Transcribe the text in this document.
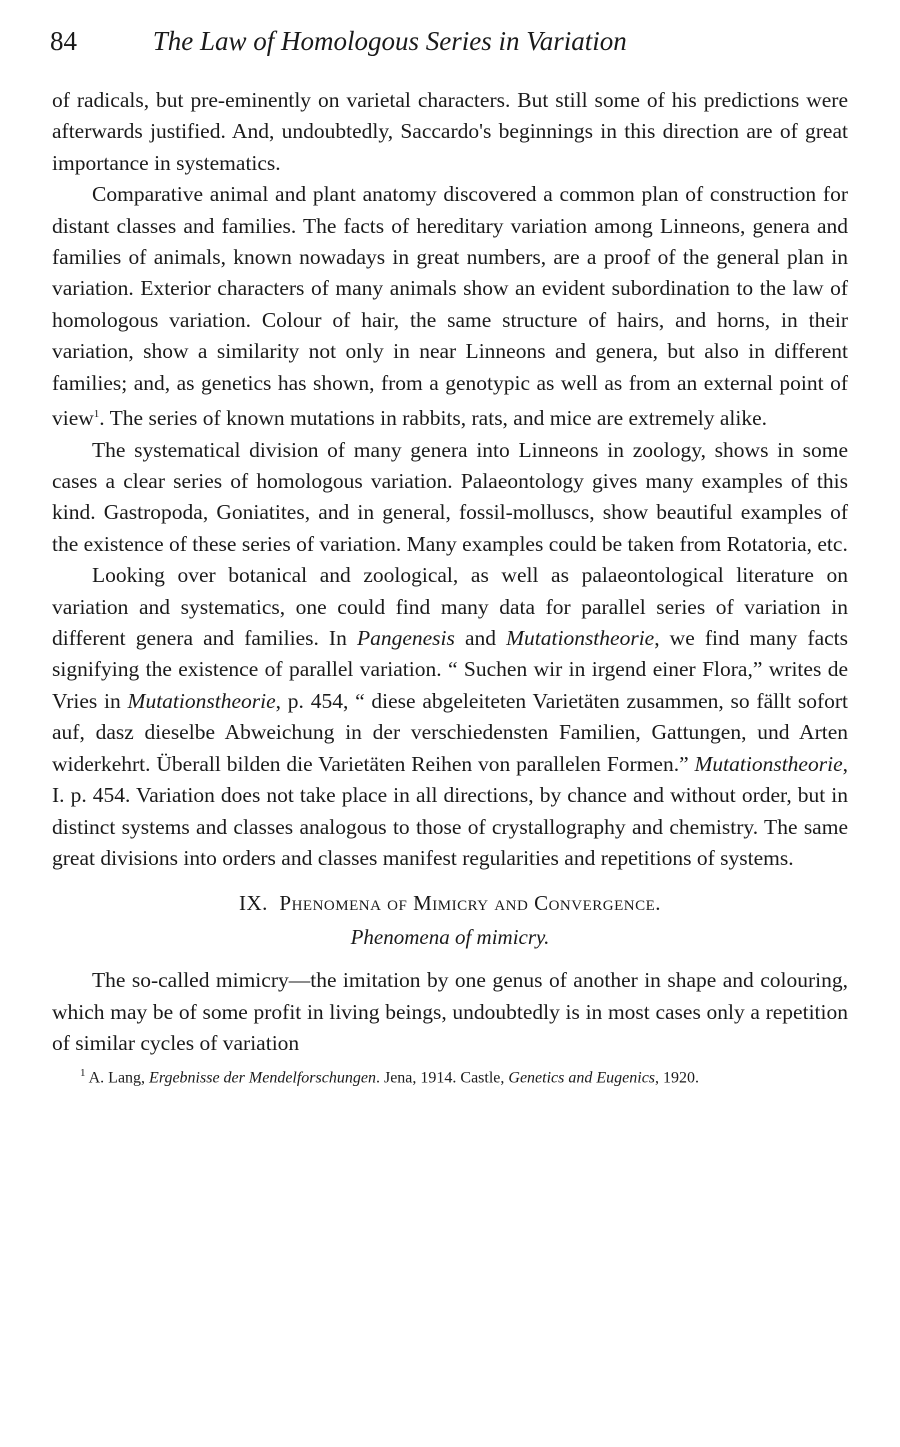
84	The Law of Homologous Series in Variation

of radicals, but pre-eminently on varietal characters. But still some of his predictions were afterwards justified. And, undoubtedly, Saccardo's beginnings in this direction are of great importance in systematics.

Comparative animal and plant anatomy discovered a common plan of construction for distant classes and families. The facts of hereditary variation among Linneons, genera and families of animals, known nowadays in great numbers, are a proof of the general plan in variation. Exterior characters of many animals show an evident subordination to the law of homologous variation. Colour of hair, the same structure of hairs, and horns, in their variation, show a similarity not only in near Linneons and genera, but also in different families; and, as genetics has shown, from a genotypic as well as from an external point of view$^1$. The series of known mutations in rabbits, rats, and mice are extremely alike.

The systematical division of many genera into Linneons in zoology, shows in some cases a clear series of homologous variation. Palaeontology gives many examples of this kind. Gastropoda, Goniatites, and in general, fossil-molluscs, show beautiful examples of the existence of these series of variation. Many examples could be taken from Rotatoria, etc.

Looking over botanical and zoological, as well as palaeontological literature on variation and systematics, one could find many data for parallel series of variation in different genera and families. In Pangenesis and Mutationstheorie, we find many facts signifying the existence of parallel variation. “ Suchen wir in irgend einer Flora,” writes de Vries in Mutationstheorie, p. 454, “ diese abgeleiteten Varietäten zusammen, so fällt sofort auf, dasz dieselbe Abweichung in der verschiedensten Familien, Gattungen, und Arten widerkehrt. Überall bilden die Varietäten Reihen von parallelen Formen.” Mutationstheorie, I. p. 454. Variation does not take place in all directions, by chance and without order, but in distinct systems and classes analogous to those of crystallography and chemistry. The same great divisions into orders and classes manifest regularities and repetitions of systems.

IX. Phenomena of Mimicry and Convergence.
Phenomena of mimicry.

The so-called mimicry—the imitation by one genus of another in shape and colouring, which may be of some profit in living beings, undoubtedly is in most cases only a repetition of similar cycles of variation

$^1$ A. Lang, Ergebnisse der Mendelforschungen. Jena, 1914. Castle, Genetics and Eugenics, 1920.
